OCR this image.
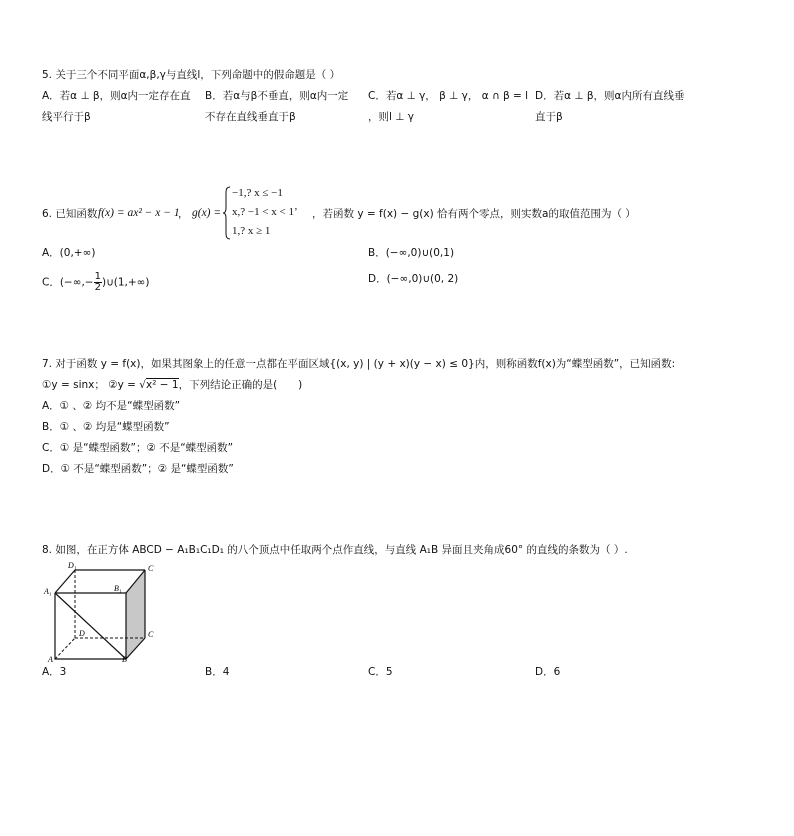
5. 关于三个不同平面α,β,γ与直线l，下列命题中的假命题是（ ）
A．若α ⊥ β，则α内一定存在直
线平行于β
B．若α与β不垂直，则α内一定
不存在直线垂直于β
C．若α ⊥ γ， β ⊥ γ， α ∩ β = l
，则l ⊥ γ
D．若α ⊥ β，则α内所有直线垂
直于β
6. 已知函数 f(x) = ax² − x − 1
， g(x) =
−1,? x ≤ −1
x,? −1 < x < 1’
1,? x ≥ 1
，若函数 y = f(x) − g(x) 恰有两个零点，则实数a的取值范围为（ ）
A．(0,+∞)	B．(−∞,0)∪(0,1)
C．(−∞,− $\frac{1}{2}$ )∪(1,+∞)	D．(−∞,0)∪(0, 2)
7. 对于函数 y = f(x)，如果其图象上的任意一点都在平面区域{(x, y) | (y + x)(y − x) ≤ 0}内，则称函数f(x)为“蝶型函数”，已知函数:
①y = sinx； ②y = √x² − 1，下列结论正确的是(　　)
A．① 、② 均不是“蝶型函数”
B．① 、② 均是“蝶型函数”
C．① 是“蝶型函数”；② 不是“蝶型函数”
D．① 不是“蝶型函数”；② 是“蝶型函数”
8. 如图，在正方体 ABCD − A₁B₁C₁D₁ 的八个顶点中任取两个点作直线，与直线 A₁B 异面且夹角成60° 的直线的条数为（ ）.
D₁	C
A₁	B₁
D	C
A	B
A．3	B．4	C．5	D．6
